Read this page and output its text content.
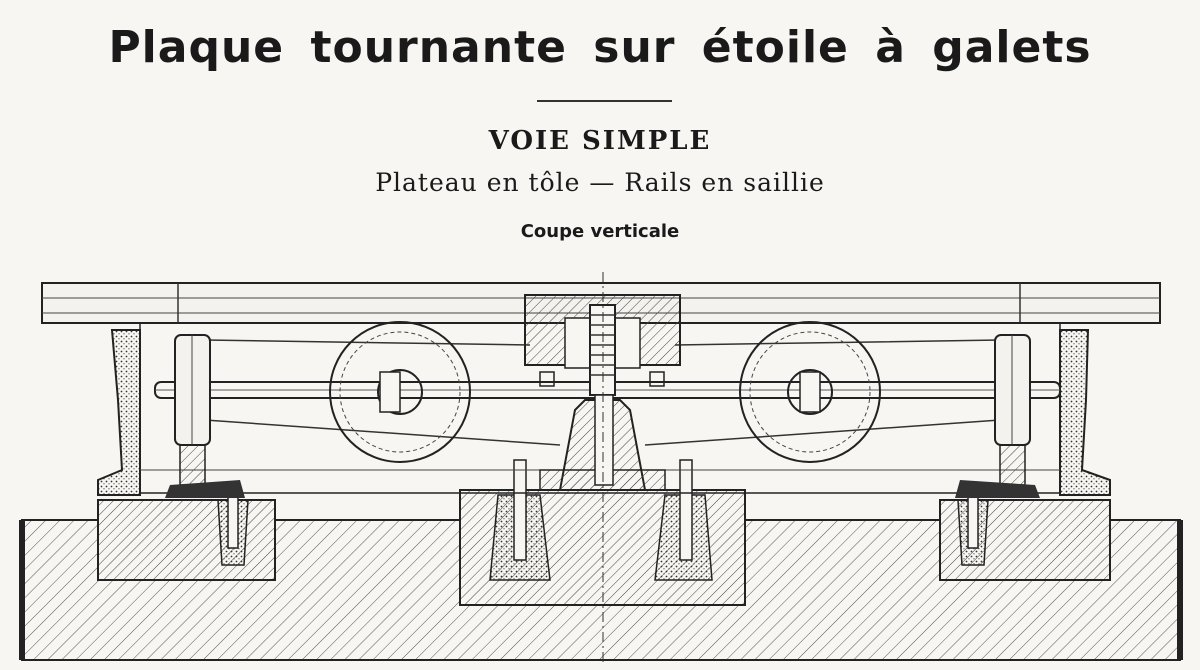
Plaque tournante sur étoile à galets
VOIE SIMPLE
Plateau en tôle — Rails en saillie
Coupe verticale
